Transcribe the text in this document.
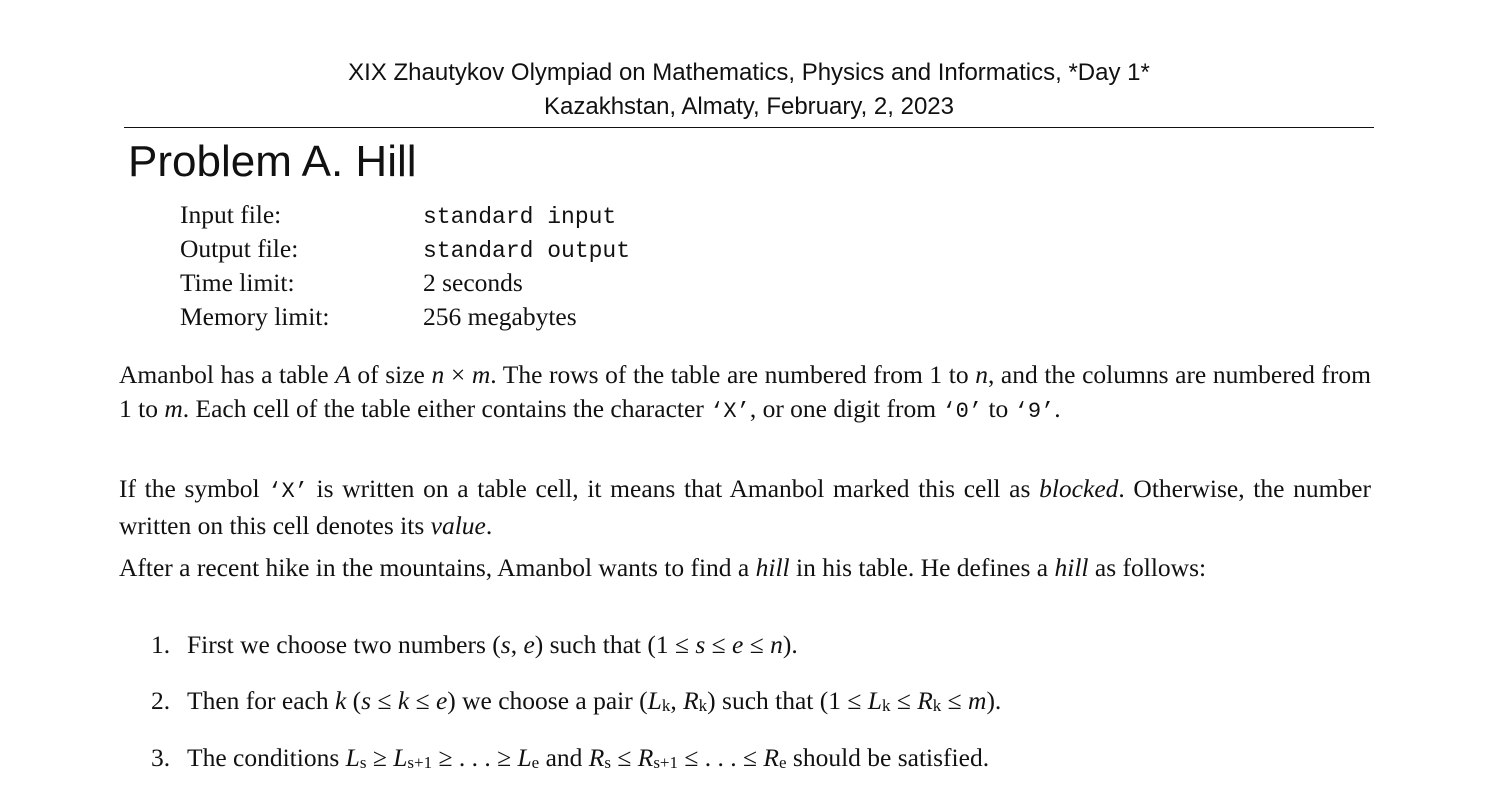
XIX Zhautykov Olympiad on Mathematics, Physics and Informatics, *Day 1*
Kazakhstan, Almaty, February, 2, 2023
Problem A. Hill
Input file:	standard input
Output file:	standard output
Time limit:	2 seconds
Memory limit:	256 megabytes

Amanbol has a table A of size n × m. The rows of the table are numbered from 1 to n, and the columns are numbered from 1 to m. Each cell of the table either contains the character ‘X’, or one digit from ‘0’ to ‘9’.

If the symbol ‘X’ is written on a table cell, it means that Amanbol marked this cell as blocked. Otherwise, the number written on this cell denotes its value.

After a recent hike in the mountains, Amanbol wants to find a hill in his table. He defines a hill as follows:

1. First we choose two numbers (s, e) such that (1 ≤ s ≤ e ≤ n).
2. Then for each k (s ≤ k ≤ e) we choose a pair ($L_k$, $R_k$) such that $(1 \le L_k \le R_k \le m)$.
3. The conditions $L_s \ge L_{s+1}$ ≥ . . . ≥ $L_e$ and $R_s \le R_{s+1}$ ≤ . . . ≤ $R_e$ should be satisfied.
